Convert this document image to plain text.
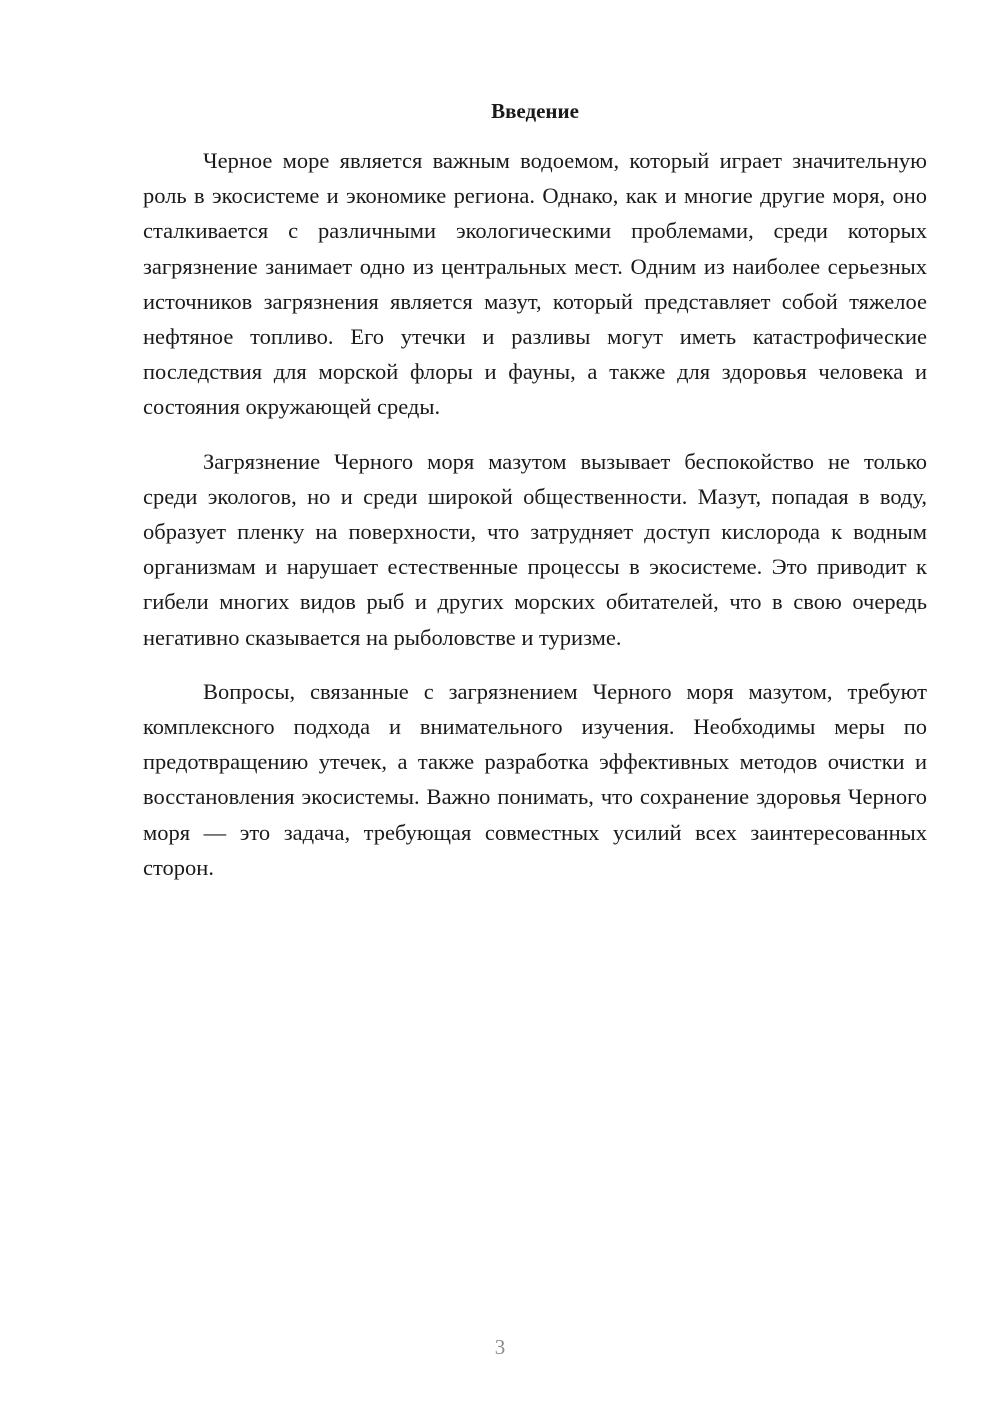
Введение

Черное море является важным водоемом, который играет значительную роль в экосистеме и экономике региона. Однако, как и многие другие моря, оно сталкивается с различными экологическими проблемами, среди которых загрязнение занимает одно из центральных мест. Одним из наиболее серьезных источников загрязнения является мазут, который представляет собой тяжелое нефтяное топливо. Его утечки и разливы могут иметь катастрофические последствия для морской флоры и фауны, а также для здоровья человека и состояния окружающей среды.

Загрязнение Черного моря мазутом вызывает беспокойство не только среди экологов, но и среди широкой общественности. Мазут, попадая в воду, образует пленку на поверхности, что затрудняет доступ кислорода к водным организмам и нарушает естественные процессы в экосистеме. Это приводит к гибели многих видов рыб и других морских обитателей, что в свою очередь негативно сказывается на рыболовстве и туризме.

Вопросы, связанные с загрязнением Черного моря мазутом, требуют комплексного подхода и внимательного изучения. Необходимы меры по предотвращению утечек, а также разработка эффективных методов очистки и восстановления экосистемы. Важно понимать, что сохранение здоровья Черного моря — это задача, требующая совместных усилий всех заинтересованных сторон.

3
